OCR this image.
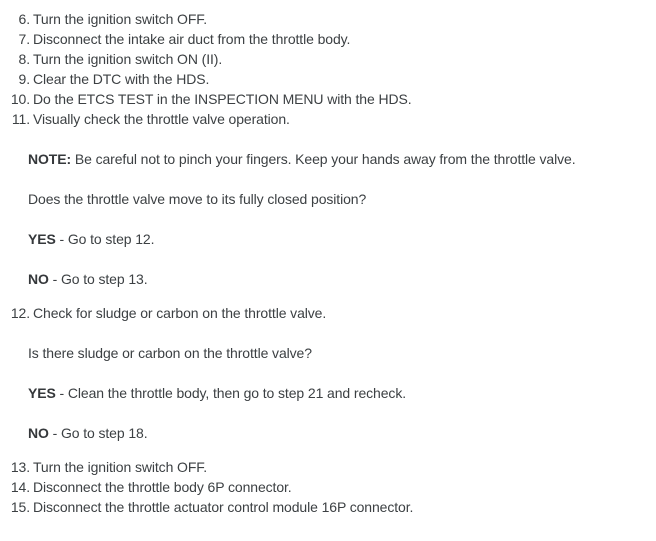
6. Turn the ignition switch OFF.
7. Disconnect the intake air duct from the throttle body.
8. Turn the ignition switch ON (II).
9. Clear the DTC with the HDS.
10. Do the ETCS TEST in the INSPECTION MENU with the HDS.
11. Visually check the throttle valve operation.

NOTE: Be careful not to pinch your fingers. Keep your hands away from the throttle valve.

Does the throttle valve move to its fully closed position?

YES - Go to step 12.

NO - Go to step 13.

12. Check for sludge or carbon on the throttle valve.

Is there sludge or carbon on the throttle valve?

YES - Clean the throttle body, then go to step 21 and recheck.

NO - Go to step 18.

13. Turn the ignition switch OFF.
14. Disconnect the throttle body 6P connector.
15. Disconnect the throttle actuator control module 16P connector.
